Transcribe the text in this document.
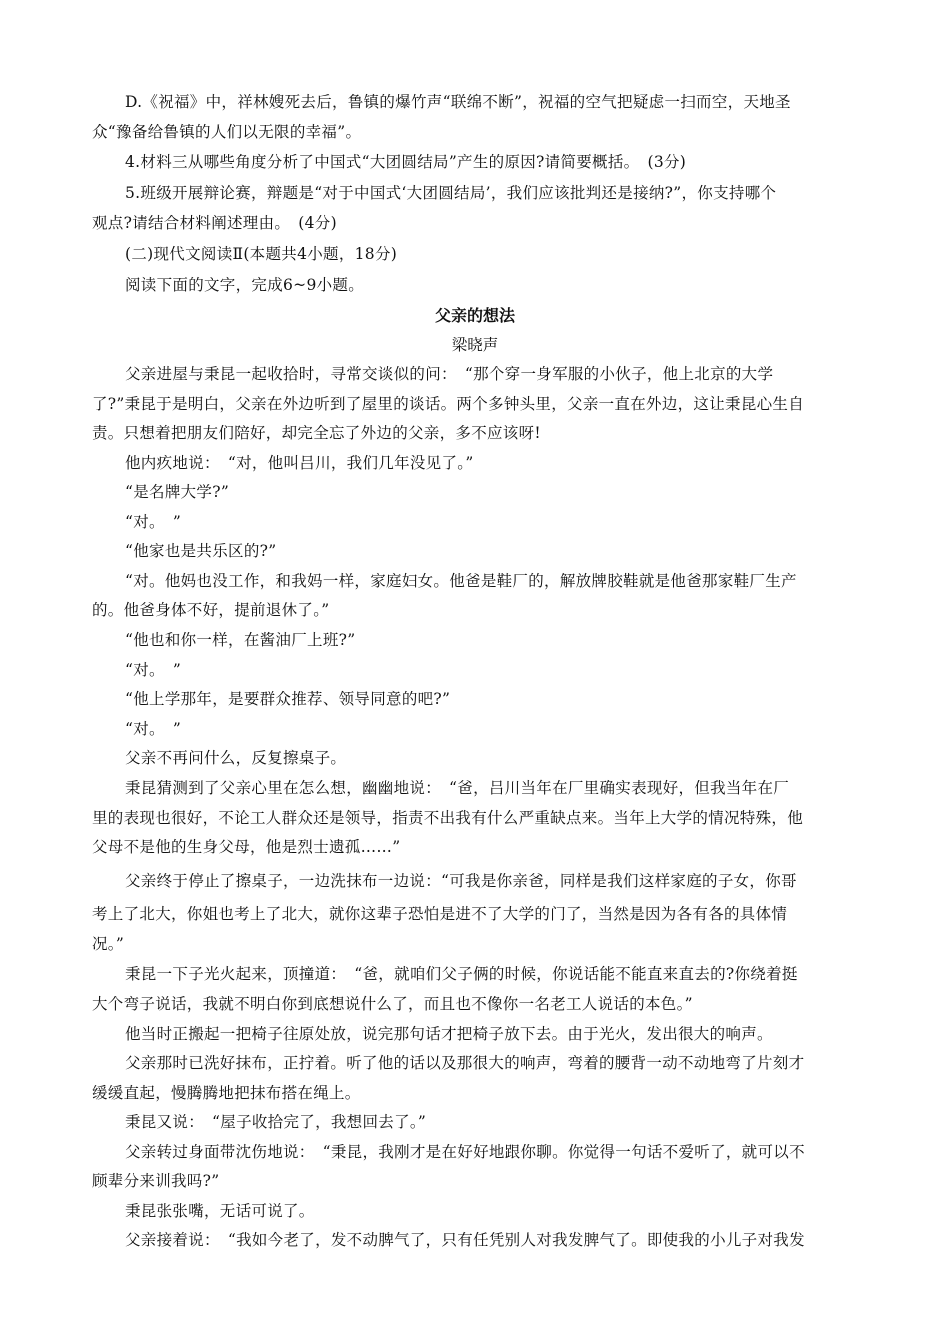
D.《祝福》中，祥林嫂死去后，鲁镇的爆竹声“联绵不断”，祝福的空气把疑虑一扫而空，天地圣

众“豫备给鲁镇的人们以无限的幸福”。

4.材料三从哪些角度分析了中国式“大团圆结局”产生的原因?请简要概括。　(3分)

5.班级开展辩论赛，辩题是“对于中国式‘大团圆结局’，我们应该批判还是接纳?”，你支持哪个

观点?请结合材料阐述理由。　(4分)

(二)现代文阅读Ⅱ(本题共4小题，18分)

阅读下面的文字，完成6~9小题。

父亲的想法

梁晓声

父亲进屋与秉昆一起收拾时，寻常交谈似的问：　“那个穿一身军服的小伙子，他上北京的大学

了?”秉昆于是明白，父亲在外边听到了屋里的谈话。两个多钟头里，父亲一直在外边，这让秉昆心生自

责。只想着把朋友们陪好，却完全忘了外边的父亲，多不应该呀!

他内疚地说：　“对，他叫吕川，我们几年没见了。”

“是名牌大学?”

“对。　”

“他家也是共乐区的?”

“对。他妈也没工作，和我妈一样，家庭妇女。他爸是鞋厂的，解放牌胶鞋就是他爸那家鞋厂生产

的。他爸身体不好，提前退休了。”

“他也和你一样，在酱油厂上班?”

“对。　”

“他上学那年，是要群众推荐、领导同意的吧?”

“对。　”

父亲不再问什么，反复擦桌子。

秉昆猜测到了父亲心里在怎么想，幽幽地说：　“爸，吕川当年在厂里确实表现好，但我当年在厂

里的表现也很好，不论工人群众还是领导，指责不出我有什么严重缺点来。当年上大学的情况特殊，他

父母不是他的生身父母，他是烈士遗孤……”

父亲终于停止了擦桌子，一边洗抹布一边说：“可我是你亲爸，同样是我们这样家庭的子女，你哥

考上了北大，你姐也考上了北大，就你这辈子恐怕是进不了大学的门了，当然是因为各有各的具体情

况。”

秉昆一下子光火起来，顶撞道：　“爸，就咱们父子俩的时候，你说话能不能直来直去的?你绕着挺

大个弯子说话，我就不明白你到底想说什么了，而且也不像你一名老工人说话的本色。”

他当时正搬起一把椅子往原处放，说完那句话才把椅子放下去。由于光火，发出很大的响声。

父亲那时已洗好抹布，正拧着。听了他的话以及那很大的响声，弯着的腰背一动不动地弯了片刻才

缓缓直起，慢腾腾地把抹布搭在绳上。

秉昆又说：　“屋子收拾完了，我想回去了。”

父亲转过身面带沈伤地说：　“秉昆，我刚才是在好好地跟你聊。你觉得一句话不爱听了，就可以不

顾辈分来训我吗?”

秉昆张张嘴，无话可说了。

父亲接着说：　“我如今老了，发不动脾气了，只有任凭别人对我发脾气了。即使我的小儿子对我发
